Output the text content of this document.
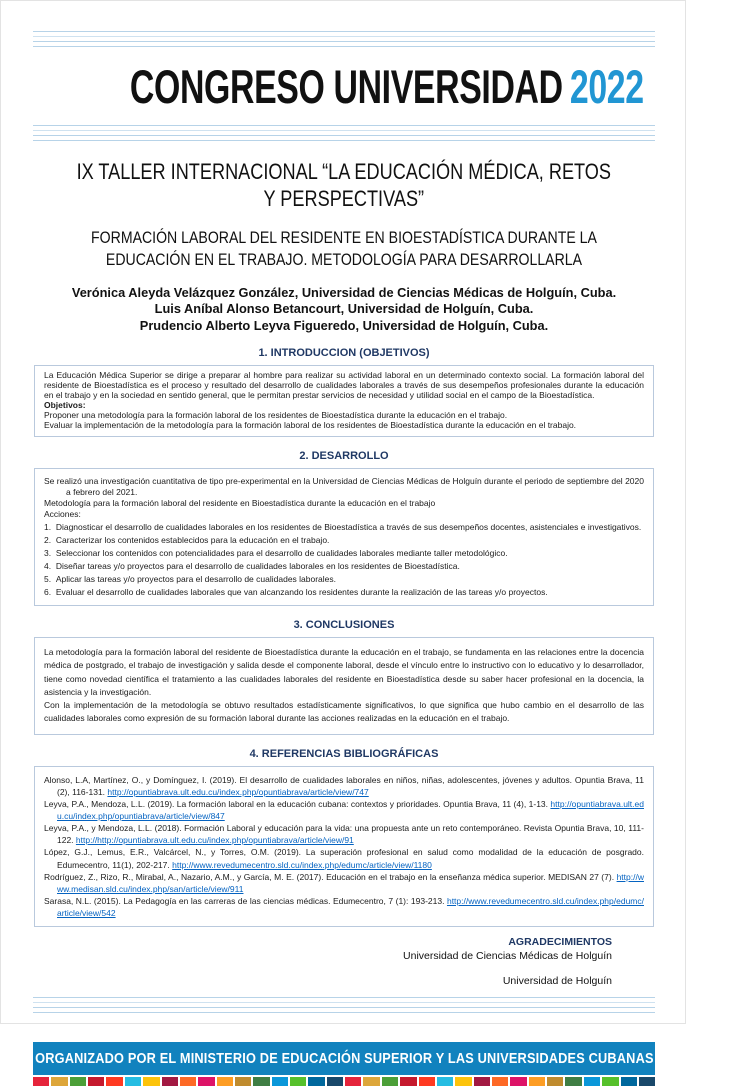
CONGRESO UNIVERSIDAD 2022
IX TALLER INTERNACIONAL “LA EDUCACIÓN MÉDICA, RETOS Y PERSPECTIVAS”
FORMACIÓN LABORAL DEL RESIDENTE EN BIOESTADÍSTICA DURANTE LA EDUCACIÓN EN EL TRABAJO. METODOLOGÍA PARA DESARROLLARLA
Verónica Aleyda Velázquez González, Universidad de Ciencias Médicas de Holguín, Cuba.
Luis Aníbal Alonso Betancourt, Universidad de Holguín, Cuba.
Prudencio Alberto Leyva Figueredo, Universidad de Holguín, Cuba.
1. INTRODUCCION (OBJETIVOS)

La Educación Médica Superior se dirige a preparar al hombre para realizar su actividad laboral en un determinado contexto social. La formación laboral del residente de Bioestadística es el proceso y resultado del desarrollo de cualidades laborales a través de sus desempeños profesionales durante la educación en el trabajo y en la sociedad en sentido general, que le permitan prestar servicios de necesidad y utilidad social en el campo de la Bioestadística.

Objetivos:

Proponer una metodología para la formación laboral de los residentes de Bioestadística durante la educación en el trabajo.

Evaluar la implementación de la metodología para la formación laboral de los residentes de Bioestadística durante la educación en el trabajo.

2. DESARROLLO

Se realizó una investigación cuantitativa de tipo pre-experimental en la Universidad de Ciencias Médicas de Holguín durante el periodo de septiembre del 2020 a febrero del 2021.

Metodología para la formación laboral del residente en Bioestadística durante la educación en el trabajo

Acciones:

Diagnosticar el desarrollo de cualidades laborales en los residentes de Bioestadística a través de sus desempeños docentes, asistenciales e investigativos.
Caracterizar los contenidos establecidos para la educación en el trabajo.
Seleccionar los contenidos con potencialidades para el desarrollo de cualidades laborales mediante taller metodológico.
Diseñar tareas y/o proyectos para el desarrollo de cualidades laborales en los residentes de Bioestadística.
Aplicar las tareas y/o proyectos para el desarrollo de cualidades laborales.
Evaluar el desarrollo de cualidades laborales que van alcanzando los residentes durante la realización de las tareas y/o proyectos.
3. CONCLUSIONES

La metodología para la formación laboral del residente de Bioestadística durante la educación en el trabajo, se fundamenta en las relaciones entre la docencia médica de postgrado, el trabajo de investigación y salida desde el componente laboral, desde el vínculo entre lo instructivo con lo educativo y lo desarrollador, tiene como novedad científica el tratamiento a las cualidades laborales del residente en Bioestadística desde su saber hacer profesional en la docencia, la asistencia y la investigación.

Con la implementación de la metodología se obtuvo resultados estadísticamente significativos, lo que significa que hubo cambio en el desarrollo de las cualidades laborales como expresión de su formación laboral durante las acciones realizadas en la educación en el trabajo.

4. REFERENCIAS BIBLIOGRÁFICAS

Alonso, L.A, Martínez, O., y Domínguez, I. (2019). El desarrollo de cualidades laborales en niños, niñas, adolescentes, jóvenes y adultos. Opuntia Brava, 11 (2), 116-131. http://opuntiabrava.ult.edu.cu/index.php/opuntiabrava/article/view/747

Leyva, P.A., Mendoza, L.L. (2019). La formación laboral en la educación cubana: contextos y prioridades. Opuntia Brava, 11 (4), 1-13. http://opuntiabrava.ult.edu.cu/index.php/opuntiabrava/article/view/847

Leyva, P.A., y Mendoza, L.L. (2018). Formación Laboral y educación para la vida: una propuesta ante un reto contemporáneo. Revista Opuntia Brava, 10, 111-122. http://http://opuntiabrava.ult.edu.cu/index.php/opuntiabrava/article/view/91

López, G.J., Lemus, E.R., Valcárcel, N., y Torres, O.M. (2019). La superación profesional en salud como modalidad de la educación de posgrado. Edumecentro, 11(1), 202-217. http://www.revedumecentro.sld.cu/index.php/edumc/article/view/1180

Rodríguez, Z., Rizo, R., Mirabal, A., Nazario, A.M., y García, M. E. (2017). Educación en el trabajo en la enseñanza médica superior. MEDISAN 27 (7). http://www.medisan.sld.cu/index.php/san/article/view/911

Sarasa, N.L. (2015). La Pedagogía en las carreras de las ciencias médicas. Edumecentro, 7 (1): 193-213. http://www.revedumecentro.sld.cu/index.php/edumc/article/view/542

AGRADECIMIENTOS
Universidad de Ciencias Médicas de Holguín
Universidad de Holguín
ORGANIZADO POR EL MINISTERIO DE EDUCACIÓN SUPERIOR Y LAS UNIVERSIDADES CUBANAS
